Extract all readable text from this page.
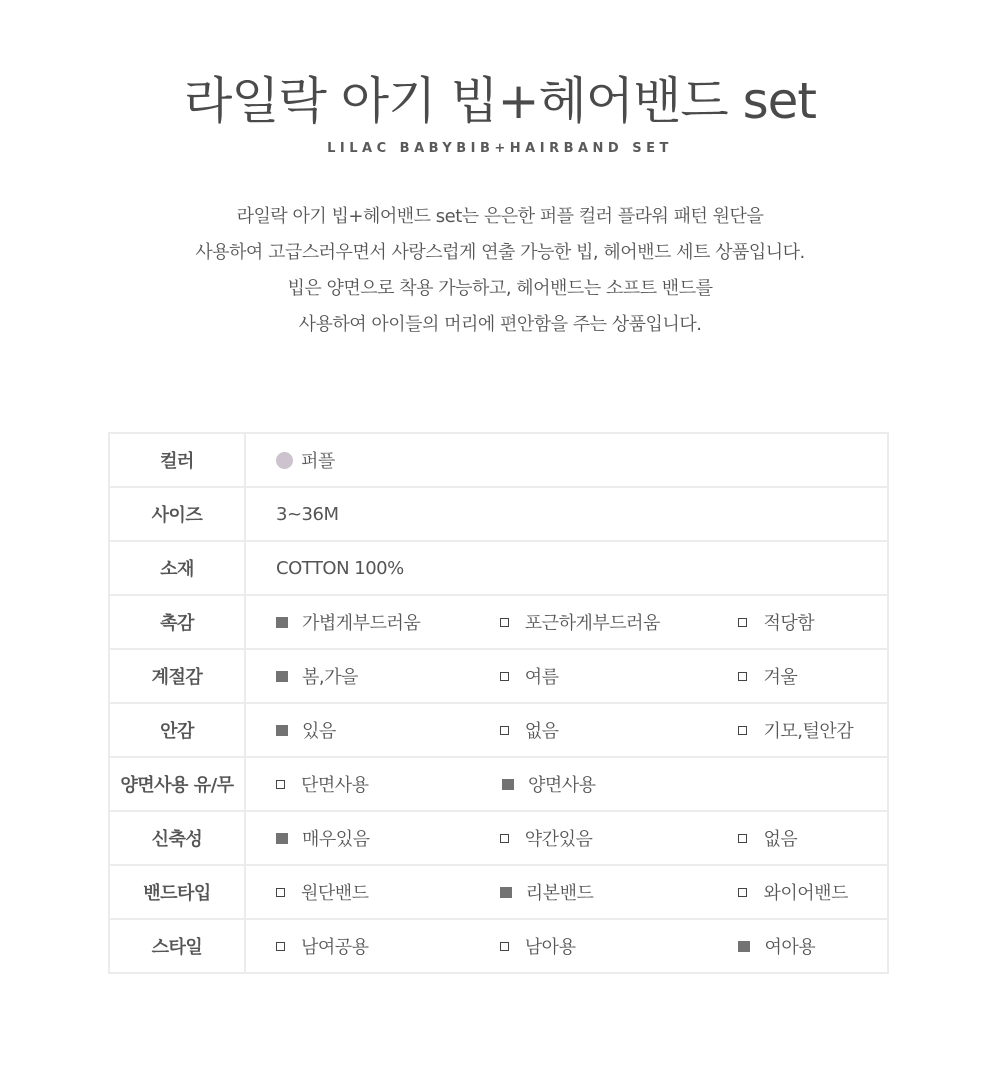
라일락 아기 빕+헤어밴드 set
LILAC BABYBIB+HAIRBAND SET

라일락 아기 빕+헤어밴드 set는 은은한 퍼플 컬러 플라워 패턴 원단을

사용하여 고급스러우면서 사랑스럽게 연출 가능한 빕, 헤어밴드 세트 상품입니다.

빕은 양면으로 착용 가능하고, 헤어밴드는 소프트 밴드를

사용하여 아이들의 머리에 편안함을 주는 상품입니다.

컬러	퍼플

사이즈	3~36M
소재	COTTON 100%
촉감	가볍게부드러움 포근하게부드러움 적당함

계절감	봄,가을 여름 겨울

안감	있음 없음 기모,털안감

양면사용 유/무	단면사용 양면사용

신축성	매우있음 약간있음 없음

밴드타입	원단밴드 리본밴드 와이어밴드

스타일	남여공용 남아용 여아용
